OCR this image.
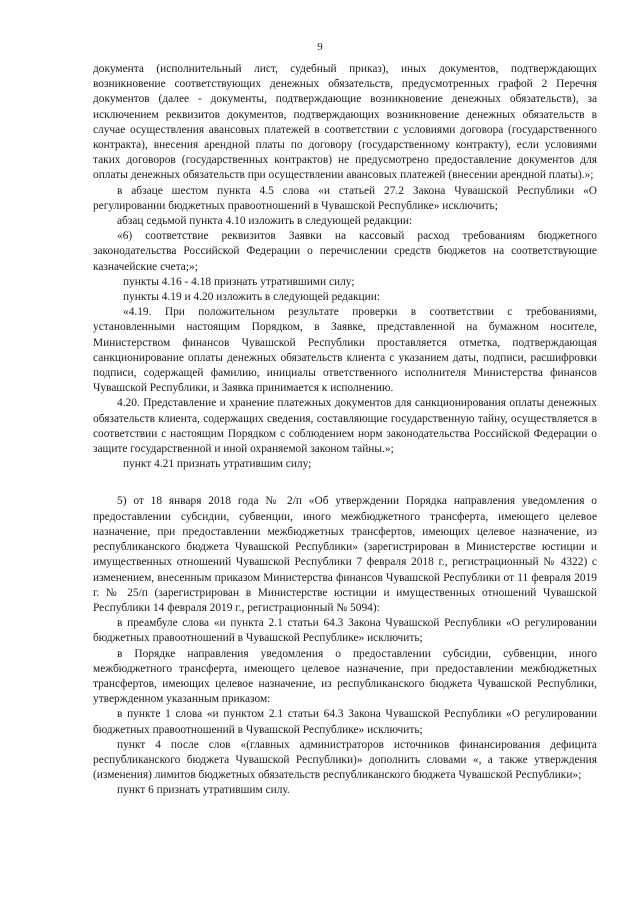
9

документа (исполнительный лист, судебный приказ), иных документов, подтверждающих возникновение соответствующих денежных обязательств, предусмотренных графой 2 Перечня документов (далее - документы, подтверждающие возникновение денежных обязательств), за исключением реквизитов документов, подтверждающих возникновение денежных обязательств в случае осуществления авансовых платежей в соответствии с условиями договора (государственного контракта), внесения арендной платы по договору (государственному контракту), если условиями таких договоров (государственных контрактов) не предусмотрено предоставление документов для оплаты денежных обязательств при осуществлении авансовых платежей (внесении арендной платы).»;

в абзаце шестом пункта 4.5 слова «и статьей 27.2 Закона Чувашской Республики «О регулировании бюджетных правоотношений в Чувашской Республике» исключить;

абзац седьмой пункта 4.10 изложить в следующей редакции:

«6) соответствие реквизитов Заявки на кассовый расход требованиям бюджетного законодательства Российской Федерации о перечислении средств бюджетов на соответствующие казначейские счета;»;

пункты 4.16 - 4.18 признать утратившими силу;

пункты 4.19 и 4.20 изложить в следующей редакции:

«4.19. При положительном результате проверки в соответствии с требованиями, установленными настоящим Порядком, в Заявке, представленной на бумажном носителе, Министерством финансов Чувашской Республики проставляется отметка, подтверждающая санкционирование оплаты денежных обязательств клиента с указанием даты, подписи, расшифровки подписи, содержащей фамилию, инициалы ответственного исполнителя Министерства финансов Чувашской Республики, и Заявка принимается к исполнению.

4.20. Представление и хранение платежных документов для санкционирования оплаты денежных обязательств клиента, содержащих сведения, составляющие государственную тайну, осуществляется в соответствии с настоящим Порядком с соблюдением норм законодательства Российской Федерации о защите государственной и иной охраняемой законом тайны.»;

пункт 4.21 признать утратившим силу;

5) от 18 января 2018 года № 2/п «Об утверждении Порядка направления уведомления о предоставлении субсидии, субвенции, иного межбюджетного трансферта, имеющего целевое назначение, при предоставлении межбюджетных трансфертов, имеющих целевое назначение, из республиканского бюджета Чувашской Республики» (зарегистрирован в Министерстве юстиции и имущественных отношений Чувашской Республики 7 февраля 2018 г., регистрационный № 4322) с изменением, внесенным приказом Министерства финансов Чувашской Республики от 11 февраля 2019 г. № 25/п (зарегистрирован в Министерстве юстиции и имущественных отношений Чувашской Республики 14 февраля 2019 г., регистрационный № 5094):

в преамбуле слова «и пункта 2.1 статьи 64.3 Закона Чувашской Республики «О регулировании бюджетных правоотношений в Чувашской Республике» исключить;

в Порядке направления уведомления о предоставлении субсидии, субвенции, иного межбюджетного трансферта, имеющего целевое назначение, при предоставлении межбюджетных трансфертов, имеющих целевое назначение, из республиканского бюджета Чувашской Республики, утвержденном указанным приказом:

в пункте 1 слова «и пунктом 2.1 статьи 64.3 Закона Чувашской Республики «О регулировании бюджетных правоотношений в Чувашской Республике» исключить;

пункт 4 после слов «(главных администраторов источников финансирования дефицита республиканского бюджета Чувашской Республики)» дополнить словами «, а также утверждения (изменения) лимитов бюджетных обязательств республиканского бюджета Чувашской Республики»;

пункт 6 признать утратившим силу.
